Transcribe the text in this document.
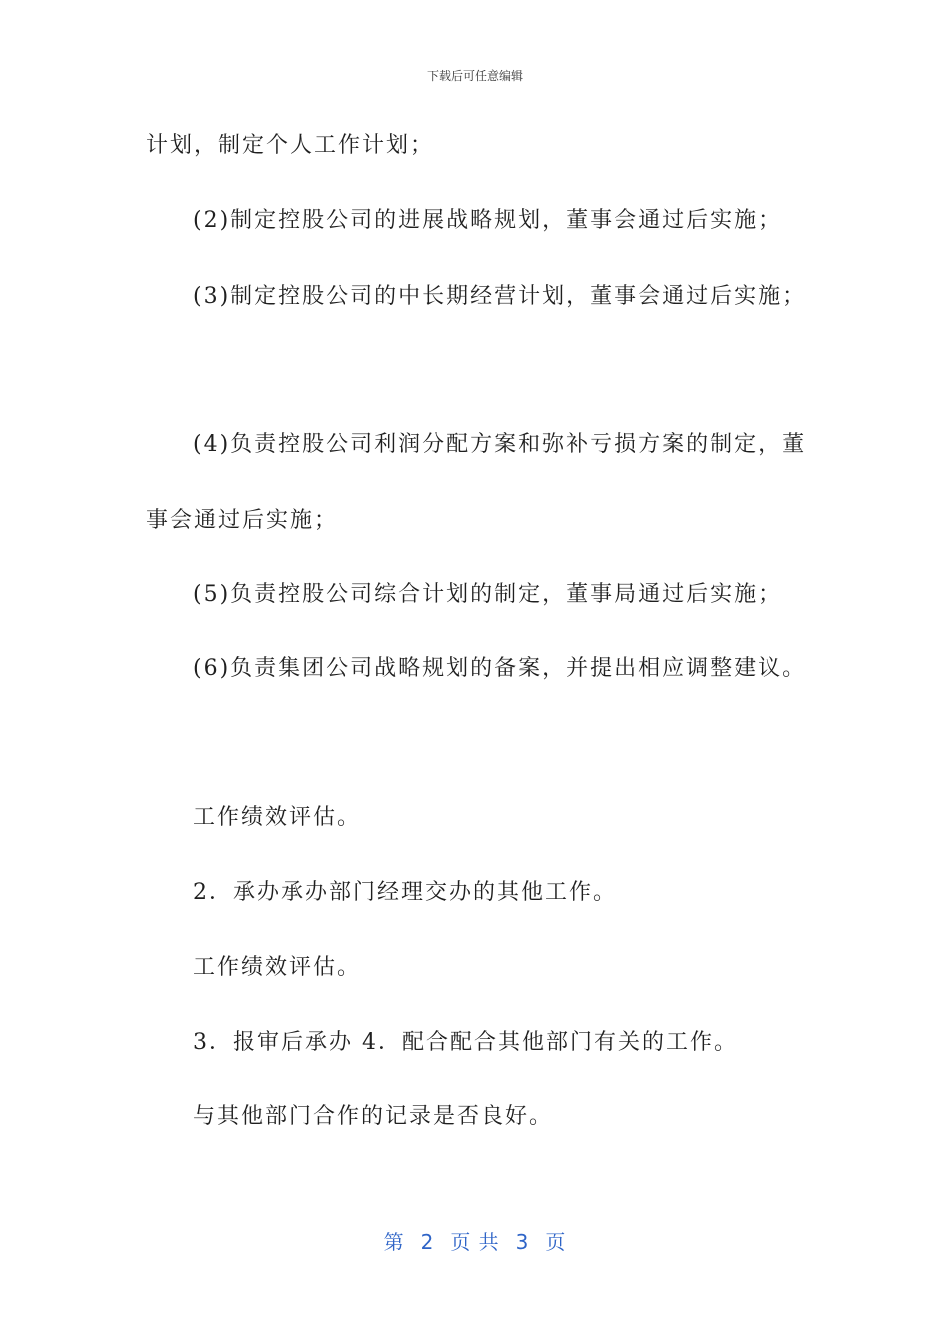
下载后可任意编辑
计划，制定个人工作计划；
(2)制定控股公司的进展战略规划，董事会通过后实施；
(3)制定控股公司的中长期经营计划，董事会通过后实施；
(4)负责控股公司利润分配方案和弥补亏损方案的制定，董
事会通过后实施；
(5)负责控股公司综合计划的制定，董事局通过后实施；
(6)负责集团公司战略规划的备案，并提出相应调整建议。
工作绩效评估。
2．承办承办部门经理交办的其他工作。
工作绩效评估。
3．报审后承办 4．配合配合其他部门有关的工作。
与其他部门合作的记录是否良好。
第 2 页 共 3 页
